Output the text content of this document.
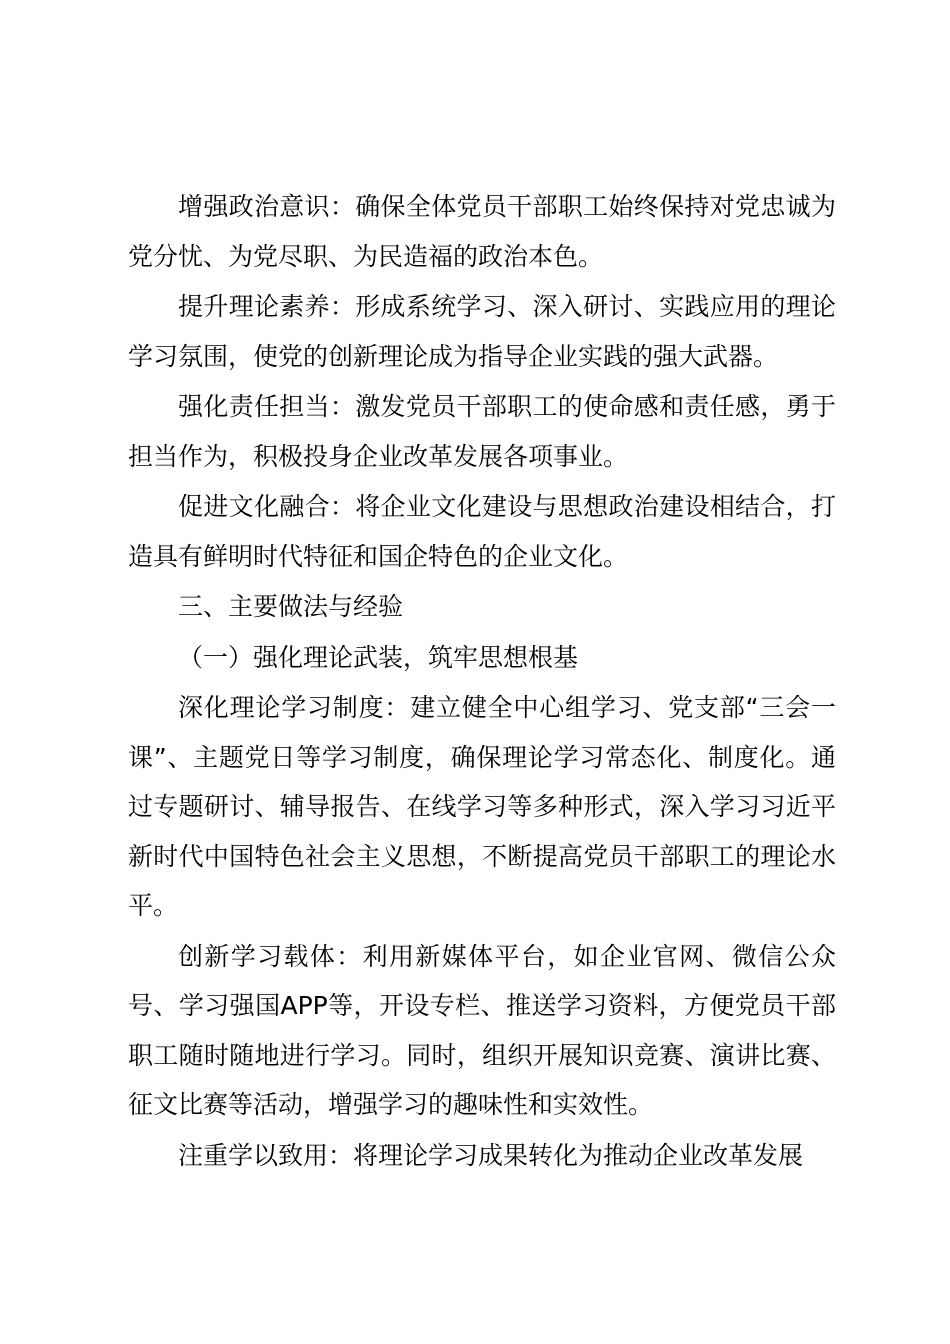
增强政治意识：确保全体党员干部职工始终保持对党忠诚为党分忧、为党尽职、为民造福的政治本色。

提升理论素养：形成系统学习、深入研讨、实践应用的理论学习氛围，使党的创新理论成为指导企业实践的强大武器。

强化责任担当：激发党员干部职工的使命感和责任感，勇于担当作为，积极投身企业改革发展各项事业。

促进文化融合：将企业文化建设与思想政治建设相结合，打造具有鲜明时代特征和国企特色的企业文化。

三、主要做法与经验

（一）强化理论武装，筑牢思想根基

深化理论学习制度：建立健全中心组学习、党支部“三会一课”、主题党日等学习制度，确保理论学习常态化、制度化。通过专题研讨、辅导报告、在线学习等多种形式，深入学习习近平新时代中国特色社会主义思想，不断提高党员干部职工的理论水平。

创新学习载体：利用新媒体平台，如企业官网、微信公众号、学习强国APP等，开设专栏、推送学习资料，方便党员干部职工随时随地进行学习。同时，组织开展知识竞赛、演讲比赛、征文比赛等活动，增强学习的趣味性和实效性。

注重学以致用：将理论学习成果转化为推动企业改革发展
